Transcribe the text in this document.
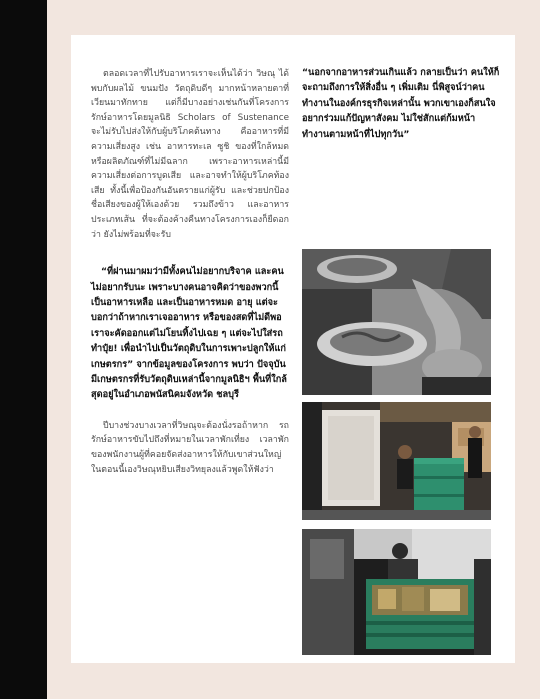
ตลอดเวลาที่ไปรับอาหารเราจะเห็นได้ว่า วิษณุ ได้พบกับผลไม้ ขนมปัง วัตถุดิบดีๆ มากหน้าหลายตาที่เวียนมาทักทาย แต่ก็มีบางอย่างเช่นกันที่โครงการรักษ์อาหารโดยมูลนิธิ Scholars of Sustenance จะไม่รับไปส่งให้กับผู้บริโภคต้นทาง คืออาหารที่มีความเสี่ยงสูง เช่น อาหารทะเล ซูชิ ของที่ใกล้หมด หรือผลิตภัณฑ์ที่ไม่มีฉลาก เพราะอาหารเหล่านี้มีความเสี่ยงต่อการบูดเสีย และอาจทำให้ผู้บริโภคท้องเสีย ทั้งนี้เพื่อป้องกันอันตรายแก่ผู้รับ และช่วยปกป้องชื่อเสียงของผู้ให้เองด้วย รวมถึงข้าว และอาหารประเภทเส้น ที่จะต้องค้างคืนทางโครงการเองก็ยืดอกว่า ยังไม่พร้อมที่จะรับ

“ที่ผ่านมาผมว่ามีทั้งคนไม่อยากบริจาค และคนไม่อยากรับนะ เพราะบางคนอาจคิดว่าของพวกนี้เป็นอาหารเหลือ และเป็นอาหารหมด อายุ แต่จะบอกว่าถ้าหากเราเจออาหาร หรือของสดที่ไม่ดีพอเราจะคัดออกแต่ไม่โยนทิ้งไปเฉย ๆ แต่จะไปใส่รถทำปุ๋ย! เพื่อนำไปเป็นวัตถุดิบในการเพาะปลูกให้แก่เกษตรกร” จากข้อมูลของโครงการ พบว่า ปัจจุบันมีเกษตรกรที่รับวัตถุดิบเหล่านี้จากมูลนิธิฯ พื้นที่ใกล้สุดอยู่ในอำเภอพนัสนิคมจังหวัด ชลบุรี

ปีบางช่วงบางเวลาที่วิษณุจะต้องนั่งรอถ้าหาก รถรักษ์อาหารขับไปถึงที่หมายในเวลาพักเที่ยง เวลาพักของพนักงานผู้ที่คอยจัดส่งอาหารให้กับเขาส่วนใหญ่ ในตอนนี้เองวิษณุหยิบเสียงวิทยุลงแล้วพูดให้ฟังว่า

“นอกจากอาหารส่วนเกินแล้ว กลายเป็นว่า คนให้ก็จะถามถึงการให้สิ่งอื่น ๆ เพิ่มเติม นี่พิสูจน์ว่าคนทำงานในองค์กรธุรกิจเหล่านั้น พวกเขาเองก็สนใจอยากร่วมแก้ปัญหาสังคม ไม่ใช่สักแต่ก้มหน้าทำงานตามหน้าที่ไปทุกวัน”
